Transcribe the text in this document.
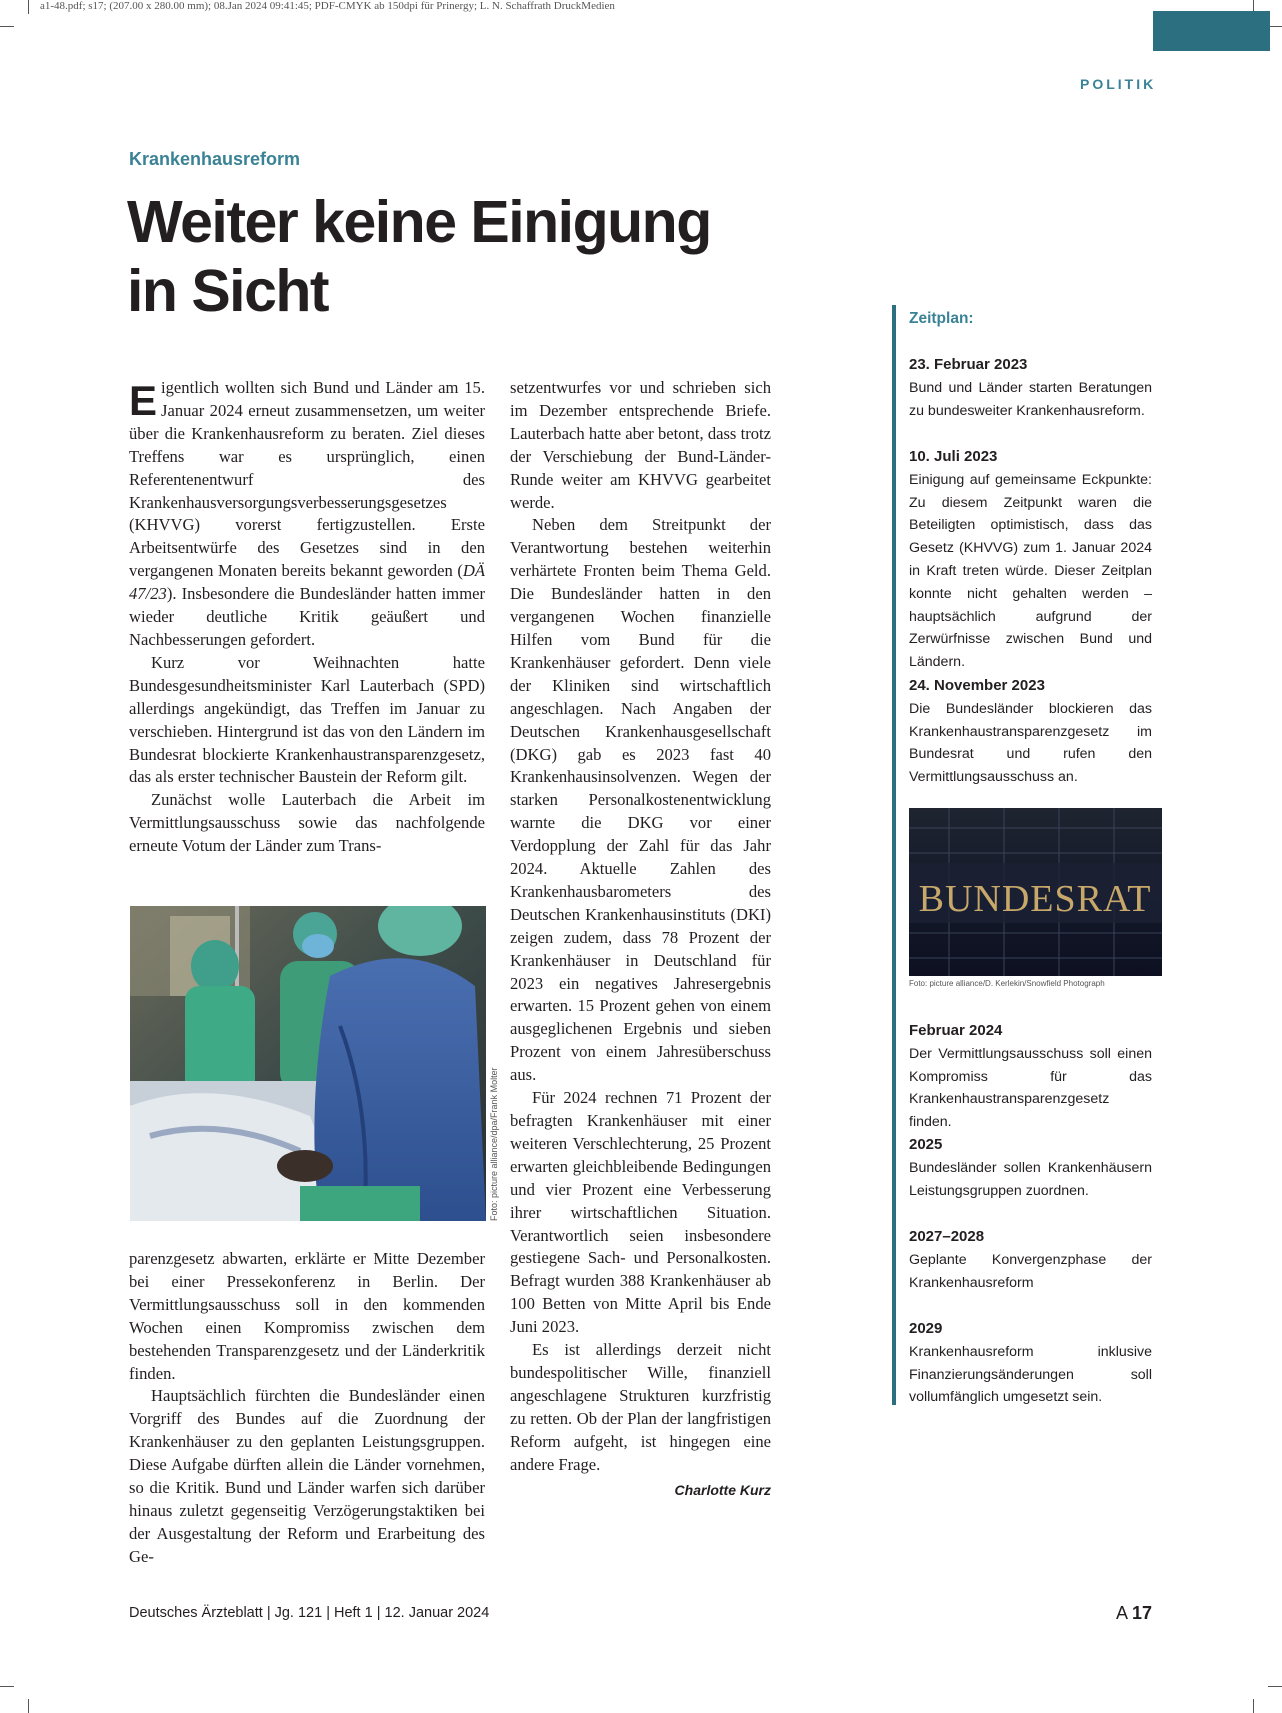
a1-48.pdf; s17; (207.00 x 280.00 mm); 08.Jan 2024 09:41:45; PDF-CMYK ab 150dpi für Prinergy; L. N. Schaffrath DruckMedien
POLITIK
Krankenhausreform
Weiter keine Einigung
in Sicht

Eigentlich wollten sich Bund und Länder am 15. Januar 2024 erneut zusammensetzen, um weiter über die Krankenhausreform zu beraten. Ziel dieses Treffens war es ursprünglich, einen Referentenentwurf des Krankenhausversorgungsverbesserungsgesetzes (KHVVG) vorerst fertigzustellen. Erste Arbeitsentwürfe des Gesetzes sind in den vergangenen Monaten bereits bekannt geworden (DÄ 47/23). Insbesondere die Bundesländer hatten immer wieder deutliche Kritik geäußert und Nachbesserungen gefordert.

Kurz vor Weihnachten hatte Bundesgesundheitsminister Karl Lauterbach (SPD) allerdings angekündigt, das Treffen im Januar zu verschieben. Hintergrund ist das von den Ländern im Bundesrat blockierte Krankenhaustransparenzgesetz, das als erster technischer Baustein der Reform gilt.

Zunächst wolle Lauterbach die Arbeit im Vermittlungsausschuss sowie das nachfolgende erneute Votum der Länder zum Trans-

Foto: picture alliance/dpa/Frank Molter

parenzgesetz abwarten, erklärte er Mitte Dezember bei einer Pressekonferenz in Berlin. Der Vermittlungsausschuss soll in den kommenden Wochen einen Kompromiss zwischen dem bestehenden Transparenzgesetz und der Länderkritik finden.

Hauptsächlich fürchten die Bundesländer einen Vorgriff des Bundes auf die Zuordnung der Krankenhäuser zu den geplanten Leistungsgruppen. Diese Aufgabe dürften allein die Länder vornehmen, so die Kritik. Bund und Länder warfen sich darüber hinaus zuletzt gegenseitig Verzögerungstaktiken bei der Ausgestaltung der Reform und Erarbeitung des Ge-

setzentwurfes vor und schrieben sich im Dezember entsprechende Briefe. Lauterbach hatte aber betont, dass trotz der Verschiebung der Bund-Länder-Runde weiter am KHVVG gearbeitet werde.

Neben dem Streitpunkt der Verantwortung bestehen weiterhin verhärtete Fronten beim Thema Geld. Die Bundesländer hatten in den vergangenen Wochen finanzielle Hilfen vom Bund für die Krankenhäuser gefordert. Denn viele der Kliniken sind wirtschaftlich angeschlagen. Nach Angaben der Deutschen Krankenhausgesellschaft (DKG) gab es 2023 fast 40 Krankenhausinsolvenzen. Wegen der starken Personalkostenentwicklung warnte die DKG vor einer Verdopplung der Zahl für das Jahr 2024. Aktuelle Zahlen des Krankenhausbarometers des Deutschen Krankenhausinstituts (DKI) zeigen zudem, dass 78 Prozent der Krankenhäuser in Deutschland für 2023 ein negatives Jahresergebnis erwarten. 15 Prozent gehen von einem ausgeglichenen Ergebnis und sieben Prozent von einem Jahresüberschuss aus.

Für 2024 rechnen 71 Prozent der befragten Krankenhäuser mit einer weiteren Verschlechterung, 25 Prozent erwarten gleichbleibende Bedingungen und vier Prozent eine Verbesserung ihrer wirtschaftlichen Situation. Verantwortlich seien insbesondere gestiegene Sach- und Personalkosten. Befragt wurden 388 Krankenhäuser ab 100 Betten von Mitte April bis Ende Juni 2023.

Es ist allerdings derzeit nicht bundespolitischer Wille, finanziell angeschlagene Strukturen kurzfristig zu retten. Ob der Plan der langfristigen Reform aufgeht, ist hingegen eine andere Frage.

Charlotte Kurz
Zeitplan:
23. Februar 2023
Bund und Länder starten Beratungen zu bundesweiter Krankenhausreform.
10. Juli 2023
Einigung auf gemeinsame Eckpunkte: Zu diesem Zeitpunkt waren die Beteiligten optimistisch, dass das Gesetz (KHVVG) zum 1. Januar 2024 in Kraft treten würde. Dieser Zeitplan konnte nicht gehalten werden – hauptsächlich aufgrund der Zerwürfnisse zwischen Bund und Ländern.
24. November 2023
Die Bundesländer blockieren das Krankenhaustransparenzgesetz im Bundesrat und rufen den Vermittlungsausschuss an.
BUNDESRAT
Foto: picture alliance/D. Kerlekin/Snowfield Photograph
Februar 2024
Der Vermittlungsausschuss soll einen Kompromiss für das Krankenhaustransparenzgesetz finden.
2025
Bundesländer sollen Krankenhäusern Leistungsgruppen zuordnen.
2027–2028
Geplante Konvergenzphase der Krankenhausreform
2029
Krankenhausreform inklusive Finanzierungsänderungen soll vollumfänglich umgesetzt sein.
Deutsches Ärzteblatt | Jg. 121 | Heft 1 | 12. Januar 2024	A 17
